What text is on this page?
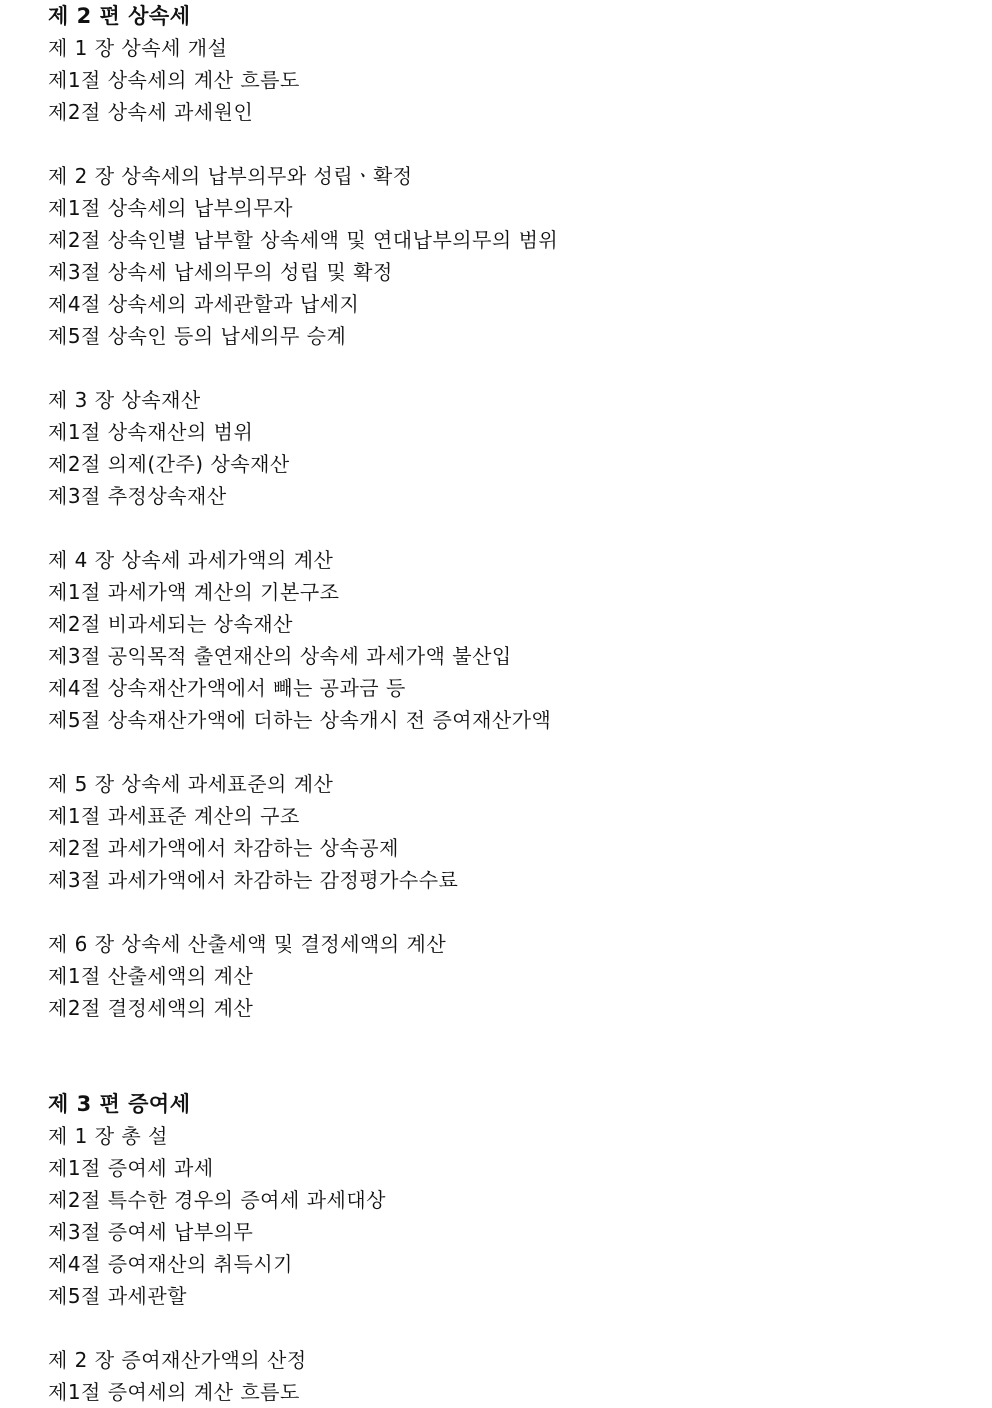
제 2 편 상속세
제 1 장 상속세 개설
제1절 상속세의 계산 흐름도
제2절 상속세 과세원인
제 2 장 상속세의 납부의무와 성립ㆍ확정
제1절 상속세의 납부의무자
제2절 상속인별 납부할 상속세액 및 연대납부의무의 범위
제3절 상속세 납세의무의 성립 및 확정
제4절 상속세의 과세관할과 납세지
제5절 상속인 등의 납세의무 승계
제 3 장 상속재산
제1절 상속재산의 범위
제2절 의제(간주) 상속재산
제3절 추정상속재산
제 4 장 상속세 과세가액의 계산
제1절 과세가액 계산의 기본구조
제2절 비과세되는 상속재산
제3절 공익목적 출연재산의 상속세 과세가액 불산입
제4절 상속재산가액에서 빼는 공과금 등
제5절 상속재산가액에 더하는 상속개시 전 증여재산가액
제 5 장 상속세 과세표준의 계산
제1절 과세표준 계산의 구조
제2절 과세가액에서 차감하는 상속공제
제3절 과세가액에서 차감하는 감정평가수수료
제 6 장 상속세 산출세액 및 결정세액의 계산
제1절 산출세액의 계산
제2절 결정세액의 계산
제 3 편 증여세
제 1 장 총 설
제1절 증여세 과세
제2절 특수한 경우의 증여세 과세대상
제3절 증여세 납부의무
제4절 증여재산의 취득시기
제5절 과세관할
제 2 장 증여재산가액의 산정
제1절 증여세의 계산 흐름도
